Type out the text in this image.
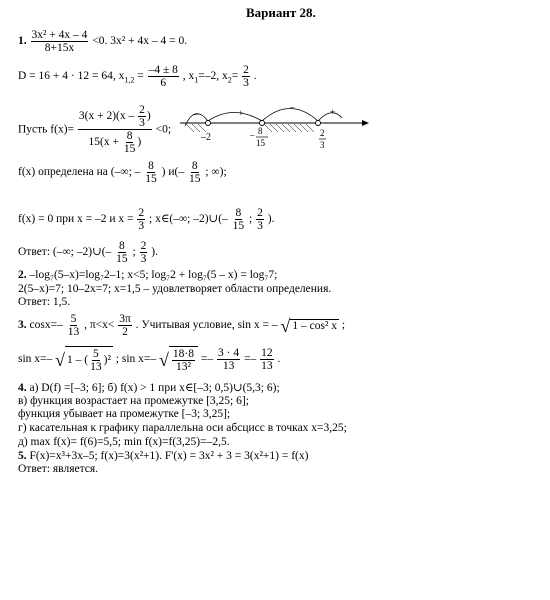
Вариант 28.
1. $\frac{\text{3x² + 4x – 4}}{8+15x} <0$. 3x² + 4x – 4 = 0.
D = 16 + 4 · 12 = 64, $x_{1,2} = \frac{-4 \pm 8}{6}$ , $x_1=-2$, $x_2= \frac{2}{3}$ .
Пусть $f(x)= \frac{3(x + 2)(x - \frac{2}{3} )}{15(x + \frac{8}{15} )} <0$;
+
–
–	+
–2	– 8
15
2
3
f(x) определена на (–∞; – $\frac{8}{15}$ ) $и(- \frac{8}{15}$ ; ∞);
f(x) = 0 при x = –2 и $x = \frac{2}{3}$ ; x∈(–∞; –2)∪(– $\frac{8}{15}$ ; $\frac{2}{3}$ ).
Ответ: (–∞; –2)∪(– $\frac{8}{15}$ ; $\frac{2}{3}$ ).
2. –log₇(5–x)=log₇2–1; x<5; log₇2 + log₇(5 – x) = log₇7;
2(5–x)=7; 10–2x=7; x=1,5 – удовлетворяет области определения.
Ответ: 1,5.
3. $\cos x=- \frac{5}{13}$ , $\pi<x< \frac{3\pi}{2}$ . Учитывая условие, sin x = – √ 1 – cos² x ;
sin x=– √ 1 – ( $\frac{5}{13} )^2$ ; sin x=– √ $\frac{18\cdot 8}{\text{13²}} =- \frac{3 \cdot 4}{13} =- \frac{12}{13}$ .
4. а) D(f) =[–3; 6]; б) f(x) > 1 при x∈[–3; 0,5)∪(5,3; 6);
в) функция возрастает на промежутке [3,25; 6];
функция убывает на промежутке [–3; 3,25];
г) касательная к графику параллельна оси абсцисс в точках x=3,25;
д) max f(x)= f(6)=5,5; min f(x)=f(3,25)=–2,5.
5. F(x)=x³+3x–5; f(x)=3(x²+1). F'(x) = 3x² + 3 = 3(x²+1) = f(x)
Ответ: является.
